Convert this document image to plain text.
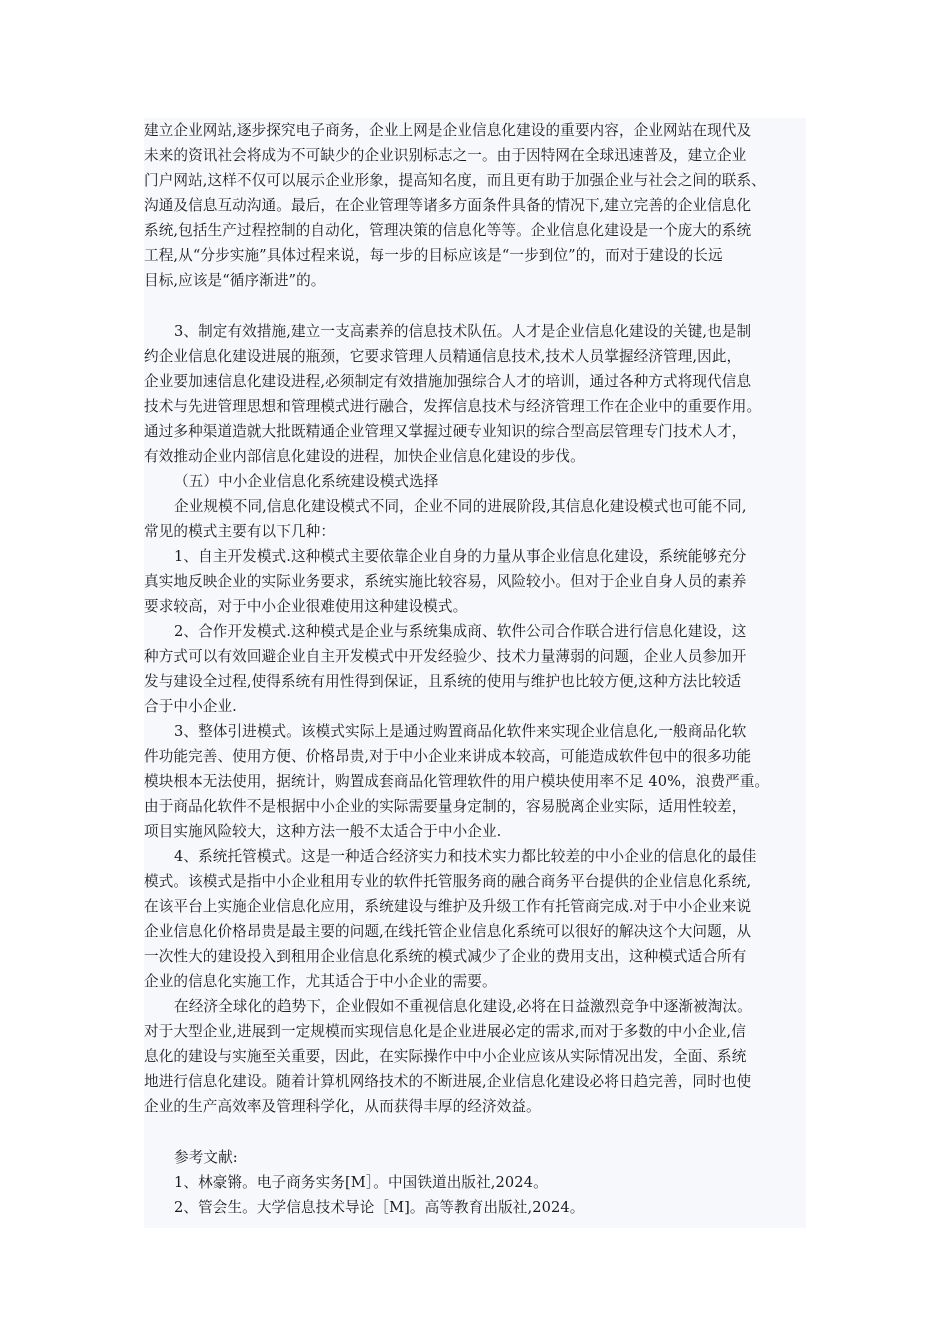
建立企业网站,逐步探究电子商务，企业上网是企业信息化建设的重要内容，企业网站在现代及
未来的资讯社会将成为不可缺少的企业识别标志之一。由于因特网在全球迅速普及，建立企业
门户网站,这样不仅可以展示企业形象，提高知名度，而且更有助于加强企业与社会之间的联系、
沟通及信息互动沟通。最后，在企业管理等诸多方面条件具备的情况下,建立完善的企业信息化
系统,包括生产过程控制的自动化，管理决策的信息化等等。企业信息化建设是一个庞大的系统
工程,从“分步实施”具体过程来说，每一步的目标应该是“一步到位”的，而对于建设的长远
目标,应该是“循序渐进”的。
3、制定有效措施,建立一支高素养的信息技术队伍。人才是企业信息化建设的关键,也是制
约企业信息化建设进展的瓶颈，它要求管理人员精通信息技术,技术人员掌握经济管理,因此，
企业要加速信息化建设进程,必须制定有效措施加强综合人才的培训，通过各种方式将现代信息
技术与先进管理思想和管理模式进行融合，发挥信息技术与经济管理工作在企业中的重要作用。
通过多种渠道造就大批既精通企业管理又掌握过硬专业知识的综合型高层管理专门技术人才，
有效推动企业内部信息化建设的进程，加快企业信息化建设的步伐。
（五）中小企业信息化系统建设模式选择
企业规模不同,信息化建设模式不同，企业不同的进展阶段,其信息化建设模式也可能不同,
常见的模式主要有以下几种：
1、自主开发模式.这种模式主要依靠企业自身的力量从事企业信息化建设，系统能够充分
真实地反映企业的实际业务要求，系统实施比较容易，风险较小。但对于企业自身人员的素养
要求较高，对于中小企业很难使用这种建设模式。
2、合作开发模式.这种模式是企业与系统集成商、软件公司合作联合进行信息化建设，这
种方式可以有效回避企业自主开发模式中开发经验少、技术力量薄弱的问题，企业人员参加开
发与建设全过程,使得系统有用性得到保证，且系统的使用与维护也比较方便,这种方法比较适
合于中小企业.
3、整体引进模式。该模式实际上是通过购置商品化软件来实现企业信息化,一般商品化软
件功能完善、使用方便、价格昂贵,对于中小企业来讲成本较高，可能造成软件包中的很多功能
模块根本无法使用，据统计，购置成套商品化管理软件的用户模块使用率不足 40%，浪费严重。
由于商品化软件不是根据中小企业的实际需要量身定制的，容易脱离企业实际，适用性较差，
项目实施风险较大，这种方法一般不太适合于中小企业.
4、系统托管模式。这是一种适合经济实力和技术实力都比较差的中小企业的信息化的最佳
模式。该模式是指中小企业租用专业的软件托管服务商的融合商务平台提供的企业信息化系统,
在该平台上实施企业信息化应用，系统建设与维护及升级工作有托管商完成.对于中小企业来说
企业信息化价格昂贵是最主要的问题,在线托管企业信息化系统可以很好的解决这个大问题，从
一次性大的建设投入到租用企业信息化系统的模式减少了企业的费用支出，这种模式适合所有
企业的信息化实施工作，尤其适合于中小企业的需要。
在经济全球化的趋势下，企业假如不重视信息化建设,必将在日益激烈竞争中逐渐被淘汰。
对于大型企业,进展到一定规模而实现信息化是企业进展必定的需求,而对于多数的中小企业,信
息化的建设与实施至关重要，因此，在实际操作中中小企业应该从实际情况出发，全面、系统
地进行信息化建设。随着计算机网络技术的不断进展,企业信息化建设必将日趋完善，同时也使
企业的生产高效率及管理科学化，从而获得丰厚的经济效益。
参考文献:
1、林豪锵。电子商务实务[M］。中国铁道出版社,2024。
2、管会生。大学信息技术导论［M]。高等教育出版社,2024。
